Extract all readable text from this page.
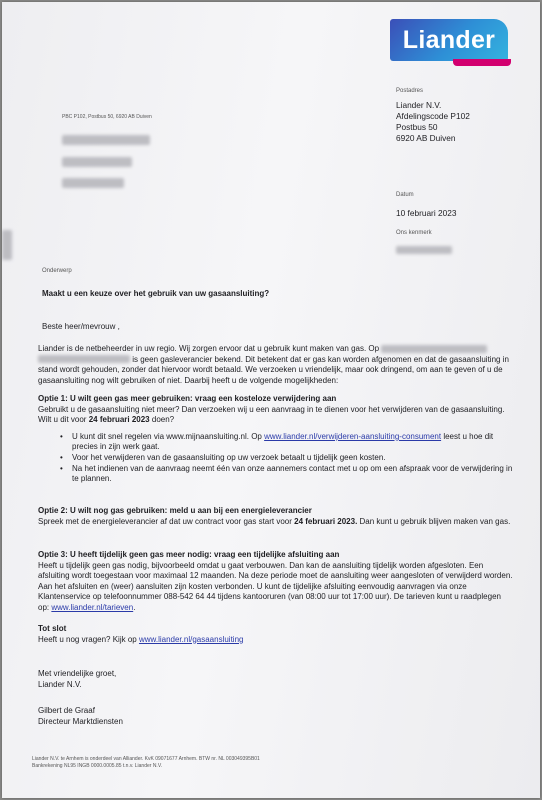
Liander
PBC P102, Postbus 50, 6920 AB Duiven
Postadres
Liander N.V.
Afdelingscode P102
Postbus 50
6920 AB Duiven
Datum
10 februari 2023
Ons kenmerk
Onderwerp
Maakt u een keuze over het gebruik van uw gasaansluiting?
Beste heer/mevrouw ,
Liander is de netbeheerder in uw regio. Wij zorgen ervoor dat u gebruik kunt maken van gas. Op   is geen gasleverancier bekend. Dit betekent dat er gas kan worden afgenomen en dat de gasaansluiting in stand wordt gehouden, zonder dat hiervoor wordt betaald. We verzoeken u vriendelijk, maar ook dringend, om aan te geven of u de gasaansluiting nog wilt gebruiken of niet. Daarbij heeft u de volgende mogelijkheden:
Optie 1: U wilt geen gas meer gebruiken: vraag een kosteloze verwijdering aan
Gebruikt u de gasaansluiting niet meer? Dan verzoeken wij u een aanvraag in te dienen voor het verwijderen van de gasaansluiting. Wilt u dit voor 24 februari 2023 doen?
• U kunt dit snel regelen via www.mijnaansluiting.nl. Op www.liander.nl/verwijderen-aansluiting-consument leest u hoe dit precies in zijn werk gaat.
• Voor het verwijderen van de gasaansluiting op uw verzoek betaalt u tijdelijk geen kosten.
• Na het indienen van de aanvraag neemt één van onze aannemers contact met u op om een afspraak voor de verwijdering in te plannen.
Optie 2: U wilt nog gas gebruiken: meld u aan bij een energieleverancier
Spreek met de energieleverancier af dat uw contract voor gas start voor 24 februari 2023. Dan kunt u gebruik blijven maken van gas.
Optie 3: U heeft tijdelijk geen gas meer nodig: vraag een tijdelijke afsluiting aan
Heeft u tijdelijk geen gas nodig, bijvoorbeeld omdat u gaat verbouwen. Dan kan de aansluiting tijdelijk worden afgesloten. Een afsluiting wordt toegestaan voor maximaal 12 maanden. Na deze periode moet de aansluiting weer aangesloten of verwijderd worden. Aan het afsluiten en (weer) aansluiten zijn kosten verbonden. U kunt de tijdelijke afsluiting eenvoudig aanvragen via onze Klantenservice op telefoonnummer 088-542 64 44 tijdens kantooruren (van 08:00 uur tot 17:00 uur). De tarieven kunt u raadplegen op: www.liander.nl/tarieven.
Tot slot
Heeft u nog vragen? Kijk op www.liander.nl/gasaansluiting
Met vriendelijke groet,
Liander N.V.
Gilbert de Graaf
Directeur Marktdiensten
Liander N.V. te Arnhem is onderdeel van Alliander. KvK 09071677 Arnhem. BTW nr. NL 003049395B01
Bankrekening NL95 INGB 0000.0005.85 t.n.v. Liander N.V.
